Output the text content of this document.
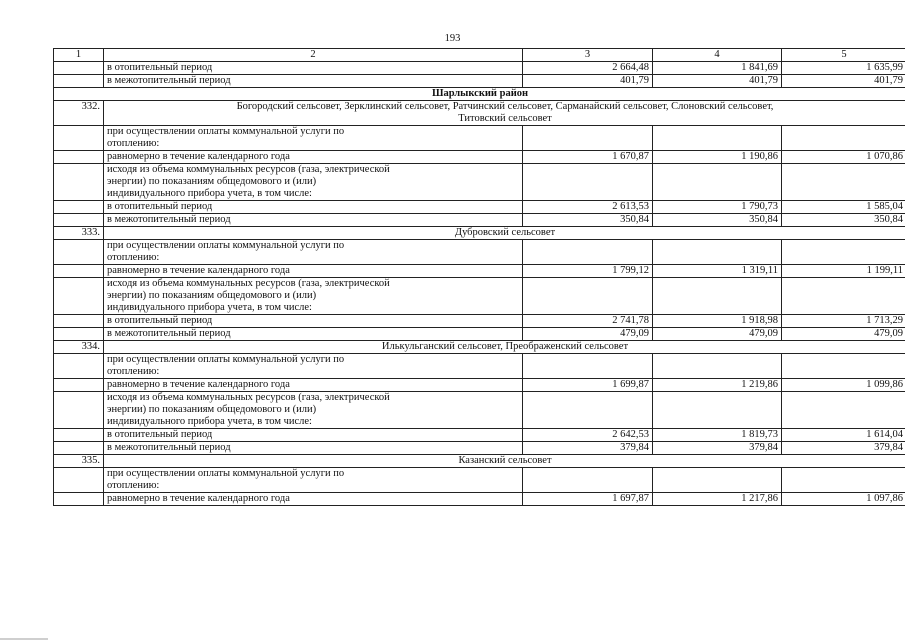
193
1	2	3	4	5
	в отопительный период	2 664,48	1 841,69	1 635,99
	в межотопительный период	401,79	401,79	401,79
Шарлыкский район				
332.	Богородский сельсовет, Зерклинский сельсовет, Ратчинский сельсовет, Сарманайский сельсовет, Слоновский сельсовет,
Титовский сельсовет			

	при осуществлении оплаты коммунальной услуги по
отоплению:			

	равномерно в течение календарного года	1 670,87	1 190,86	1 070,86

	исходя из объема коммунальных ресурсов (газа, электрической
энергии) по показаниям общедомового и (или)
индивидуального прибора учета, в том числе:			

	в отопительный период	2 613,53	1 790,73	1 585,04
	в межотопительный период	350,84	350,84	350,84
333.	Дубровский сельсовет			

	при осуществлении оплаты коммунальной услуги по
отоплению:			

	равномерно в течение календарного года	1 799,12	1 319,11	1 199,11

	исходя из объема коммунальных ресурсов (газа, электрической
энергии) по показаниям общедомового и (или)
индивидуального прибора учета, в том числе:			

	в отопительный период	2 741,78	1 918,98	1 713,29
	в межотопительный период	479,09	479,09	479,09
334.	Илькульганский сельсовет, Преображенский сельсовет			

	при осуществлении оплаты коммунальной услуги по
отоплению:			

	равномерно в течение календарного года	1 699,87	1 219,86	1 099,86

	исходя из объема коммунальных ресурсов (газа, электрической
энергии) по показаниям общедомового и (или)
индивидуального прибора учета, в том числе:			

	в отопительный период	2 642,53	1 819,73	1 614,04
	в межотопительный период	379,84	379,84	379,84
335.	Казанский сельсовет			

	при осуществлении оплаты коммунальной услуги по
отоплению:			

	равномерно в течение календарного года	1 697,87	1 217,86	1 097,86
